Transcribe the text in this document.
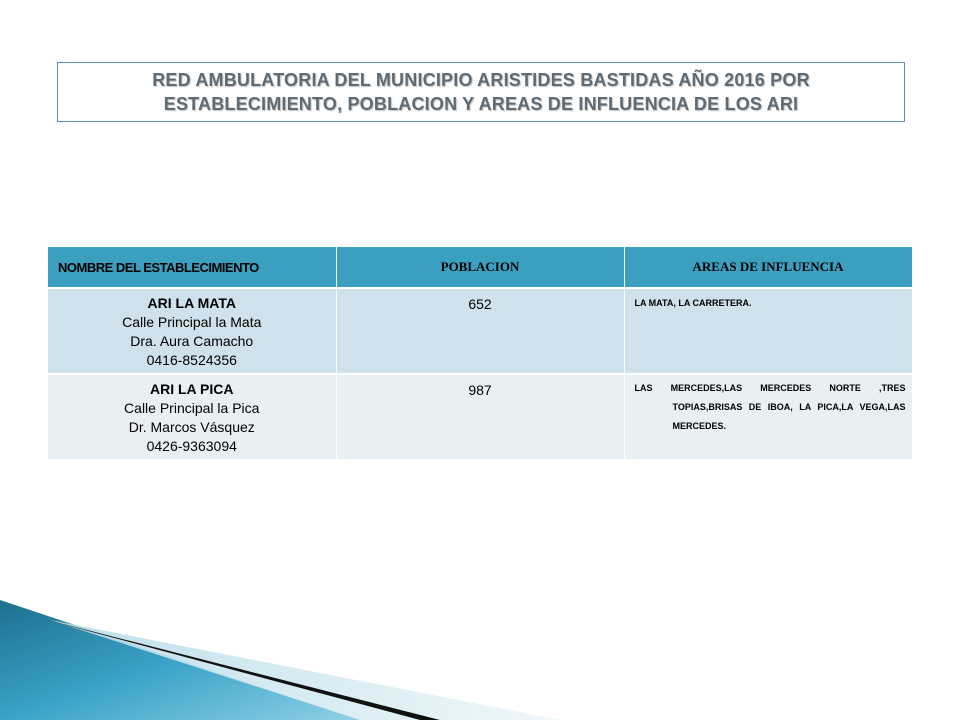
RED AMBULATORIA DEL MUNICIPIO ARISTIDES BASTIDAS AÑO 2016 POR
ESTABLECIMIENTO, POBLACION Y AREAS DE INFLUENCIA DE LOS ARI
NOMBRE DEL ESTABLECIMIENTO	POBLACION	AREAS DE INFLUENCIA

ARI LA MATA
Calle Principal la Mata
Dra. Aura Camacho
0416-8524356	652	LA MATA, LA CARRETERA.

ARI LA PICA
Calle Principal la Pica
Dr. Marcos Vásquez
0426-9363094	987	LAS MERCEDES,LAS MERCEDES NORTE ,TRES TOPIAS,BRISAS DE IBOA, LA PICA,LA VEGA,LAS MERCEDES.
